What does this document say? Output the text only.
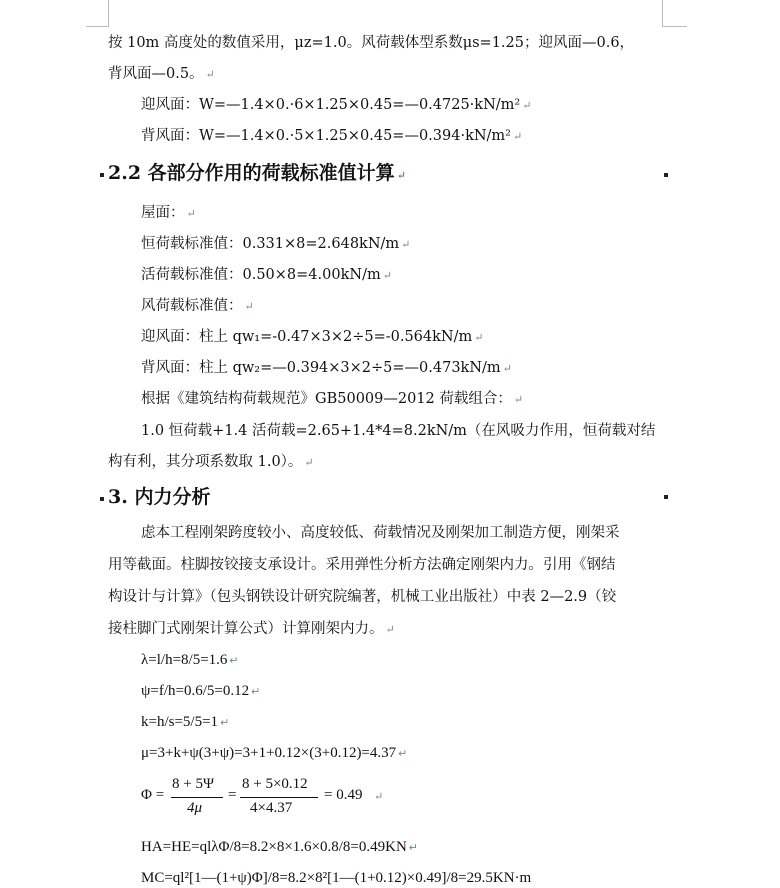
按 10m 高度处的数值采用，μz=1.0。风荷载体型系数μs=1.25；迎风面—0.6，
背风面—0.5。 ↵
迎风面：W=—1.4×0.·6×1.25×0.45=—0.4725·kN/m² ↵
背风面：W=—1.4×0.·5×1.25×0.45=—0.394·kN/m² ↵
2.2 各部分作用的荷载标准值计算 ↵
屋面： ↵
恒荷载标准值：0.331×8=2.648kN/m ↵
活荷载标准值：0.50×8=4.00kN/m ↵
风荷载标准值： ↵
迎风面：柱上 qw₁=-0.47×3×2÷5=-0.564kN/m ↵
背风面：柱上 qw₂=—0.394×3×2÷5=—0.473kN/m ↵
根据《建筑结构荷载规范》GB50009—2012 荷载组合： ↵
1.0 恒荷载+1.4 活荷载=2.65+1.4*4=8.2kN/m（在风吸力作用，恒荷载对结
构有利，其分项系数取 1.0）。 ↵
3. 内力分析
虑本工程刚架跨度较小、高度较低、荷载情况及刚架加工制造方便，刚架采
用等截面。柱脚按铰接支承设计。采用弹性分析方法确定刚架内力。引用《钢结
构设计与计算》（包头钢铁设计研究院编著，机械工业出版社）中表 2—2.9（铰
接柱脚门式刚架计算公式）计算刚架内力。 ↵
λ=l/h=8/5=1.6 ↵
ψ=f/h=0.6/5=0.12 ↵
k=h/s=5/5=1 ↵
μ=3+k+ψ(3+ψ)=3+1+0.12×(3+0.12)=4.37 ↵
Φ =
8 + 5Ψ
4μ
=
8 + 5×0.12
4×4.37
= 0.49 ↵
HA=HE=qlλΦ/8=8.2×8×1.6×0.8/8=0.49KN ↵
MC=ql²[1—(1+ψ)Φ]/8=8.2×8²[1—(1+0.12)×0.49]/8=29.5KN·m
